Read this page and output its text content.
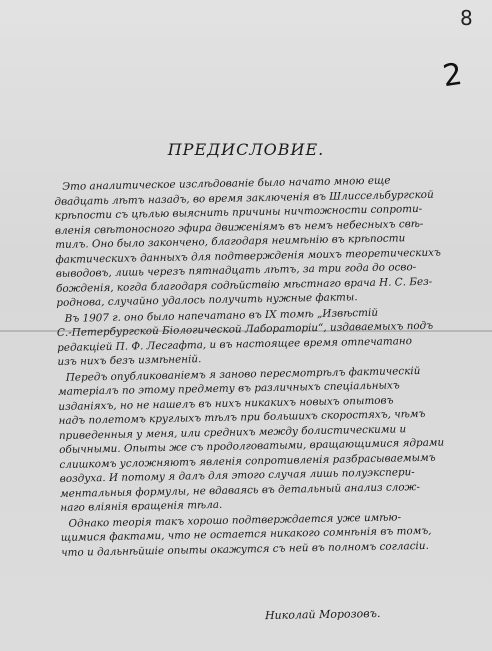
8
2
ПРЕДИСЛОВИЕ.

Это аналитическое изслѣдованіе было начато мною еще
двадцать лѣтъ назадъ, во время заключенія въ Шлиссельбургской
крѣпости съ цѣлью выяснить причины ничтожности сопроти-
вленія свѣтоносного эфира движеніямъ въ немъ небесныхъ свѣ-
тилъ. Оно было закончено, благодаря неимѣнію въ крѣпости
фактическихъ данныхъ для подтвержденія моихъ теоретическихъ
выводовъ, лишь черезъ пятнадцать лѣтъ, за три года до осво-
божденія, когда благодаря содѣйствію мѣстнаго врача Н. С. Без-
роднова, случайно удалось получить нужные факты.

Въ 1907 г. оно было напечатано въ IX томѣ „Извѣстій
С.-Петербургской Біологической Лабораторіи“, издаваемыхъ подъ
редакціей П. Ф. Лесгафта, и въ настоящее время отпечатано
изъ нихъ безъ измѣненій.

Передъ опубликованіемъ я заново пересмотрѣлъ фактическій
матеріалъ по этому предмету въ различныхъ спеціальныхъ
изданіяхъ, но не нашелъ въ нихъ никакихъ новыхъ опытовъ
надъ полетомъ круглыхъ тѣлъ при большихъ скоростяхъ, чѣмъ
приведенныя у меня, или среднихъ между болистическими и
обычными. Опыты же съ продолговатыми, вращающимися ядрами
слишкомъ усложняютъ явленія сопротивленія разбрасываемымъ
воздуха. И потому я далъ для этого случая лишь полуэкспери-
ментальныя формулы, не вдаваясь въ детальный анализ слож-
наго вліянія вращенія тѣла.

Однако теорія такъ хорошо подтверждается уже имѣю-
щимися фактами, что не остается никакого сомнѣнія въ томъ,
что и дальнѣйшіе опыты окажутся съ ней въ полномъ согласіи.

Николай Морозовъ.
